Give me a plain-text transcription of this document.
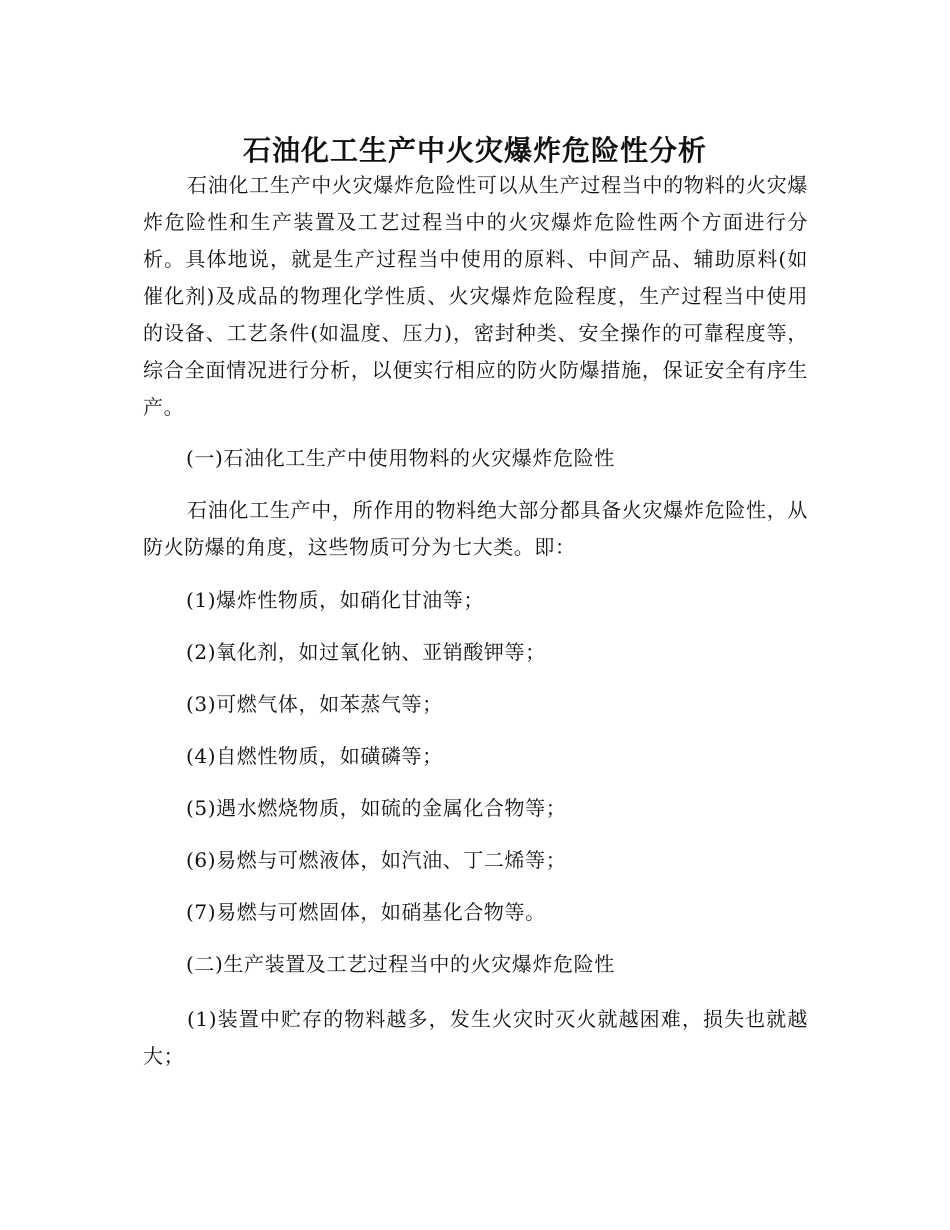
石油化工生产中火灾爆炸危险性分析

石油化工生产中火灾爆炸危险性可以从生产过程当中的物料的火灾爆炸危险性和生产装置及工艺过程当中的火灾爆炸危险性两个方面进行分析。具体地说，就是生产过程当中使用的原料、中间产品、辅助原料(如催化剂)及成品的物理化学性质、火灾爆炸危险程度，生产过程当中使用的设备、工艺条件(如温度、压力)，密封种类、安全操作的可靠程度等，综合全面情况进行分析，以便实行相应的防火防爆措施，保证安全有序生产。

(一)石油化工生产中使用物料的火灾爆炸危险性

石油化工生产中，所作用的物料绝大部分都具备火灾爆炸危险性，从防火防爆的角度，这些物质可分为七大类。即：

(1)爆炸性物质，如硝化甘油等；

(2)氧化剂，如过氧化钠、亚销酸钾等；

(3)可燃气体，如苯蒸气等；

(4)自燃性物质，如磺磷等；

(5)遇水燃烧物质，如硫的金属化合物等；

(6)易燃与可燃液体，如汽油、丁二烯等；

(7)易燃与可燃固体，如硝基化合物等。

(二)生产装置及工艺过程当中的火灾爆炸危险性

(1)装置中贮存的物料越多，发生火灾时灭火就越困难，损失也就越大；
